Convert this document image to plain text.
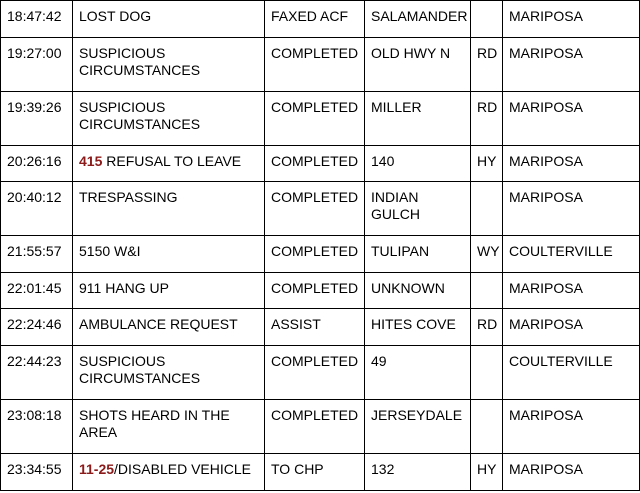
18:47:42	LOST DOG	FAXED ACF	SALAMANDER		MARIPOSA
19:27:00	SUSPICIOUS CIRCUMSTANCES	COMPLETED	OLD HWY N	RD	MARIPOSA
19:39:26	SUSPICIOUS CIRCUMSTANCES	COMPLETED	MILLER	RD	MARIPOSA
20:26:16	415 REFUSAL TO LEAVE	COMPLETED	140	HY	MARIPOSA
20:40:12	TRESPASSING	COMPLETED	INDIAN GULCH		MARIPOSA
21:55:57	5150 W&I	COMPLETED	TULIPAN	WY	COULTERVILLE
22:01:45	911 HANG UP	COMPLETED	UNKNOWN		MARIPOSA
22:24:46	AMBULANCE REQUEST	ASSIST	HITES COVE	RD	MARIPOSA
22:44:23	SUSPICIOUS CIRCUMSTANCES	COMPLETED	49		COULTERVILLE
23:08:18	SHOTS HEARD IN THE AREA	COMPLETED	JERSEYDALE		MARIPOSA
23:34:55	11-25/DISABLED VEHICLE	TO CHP	132	HY	MARIPOSA
